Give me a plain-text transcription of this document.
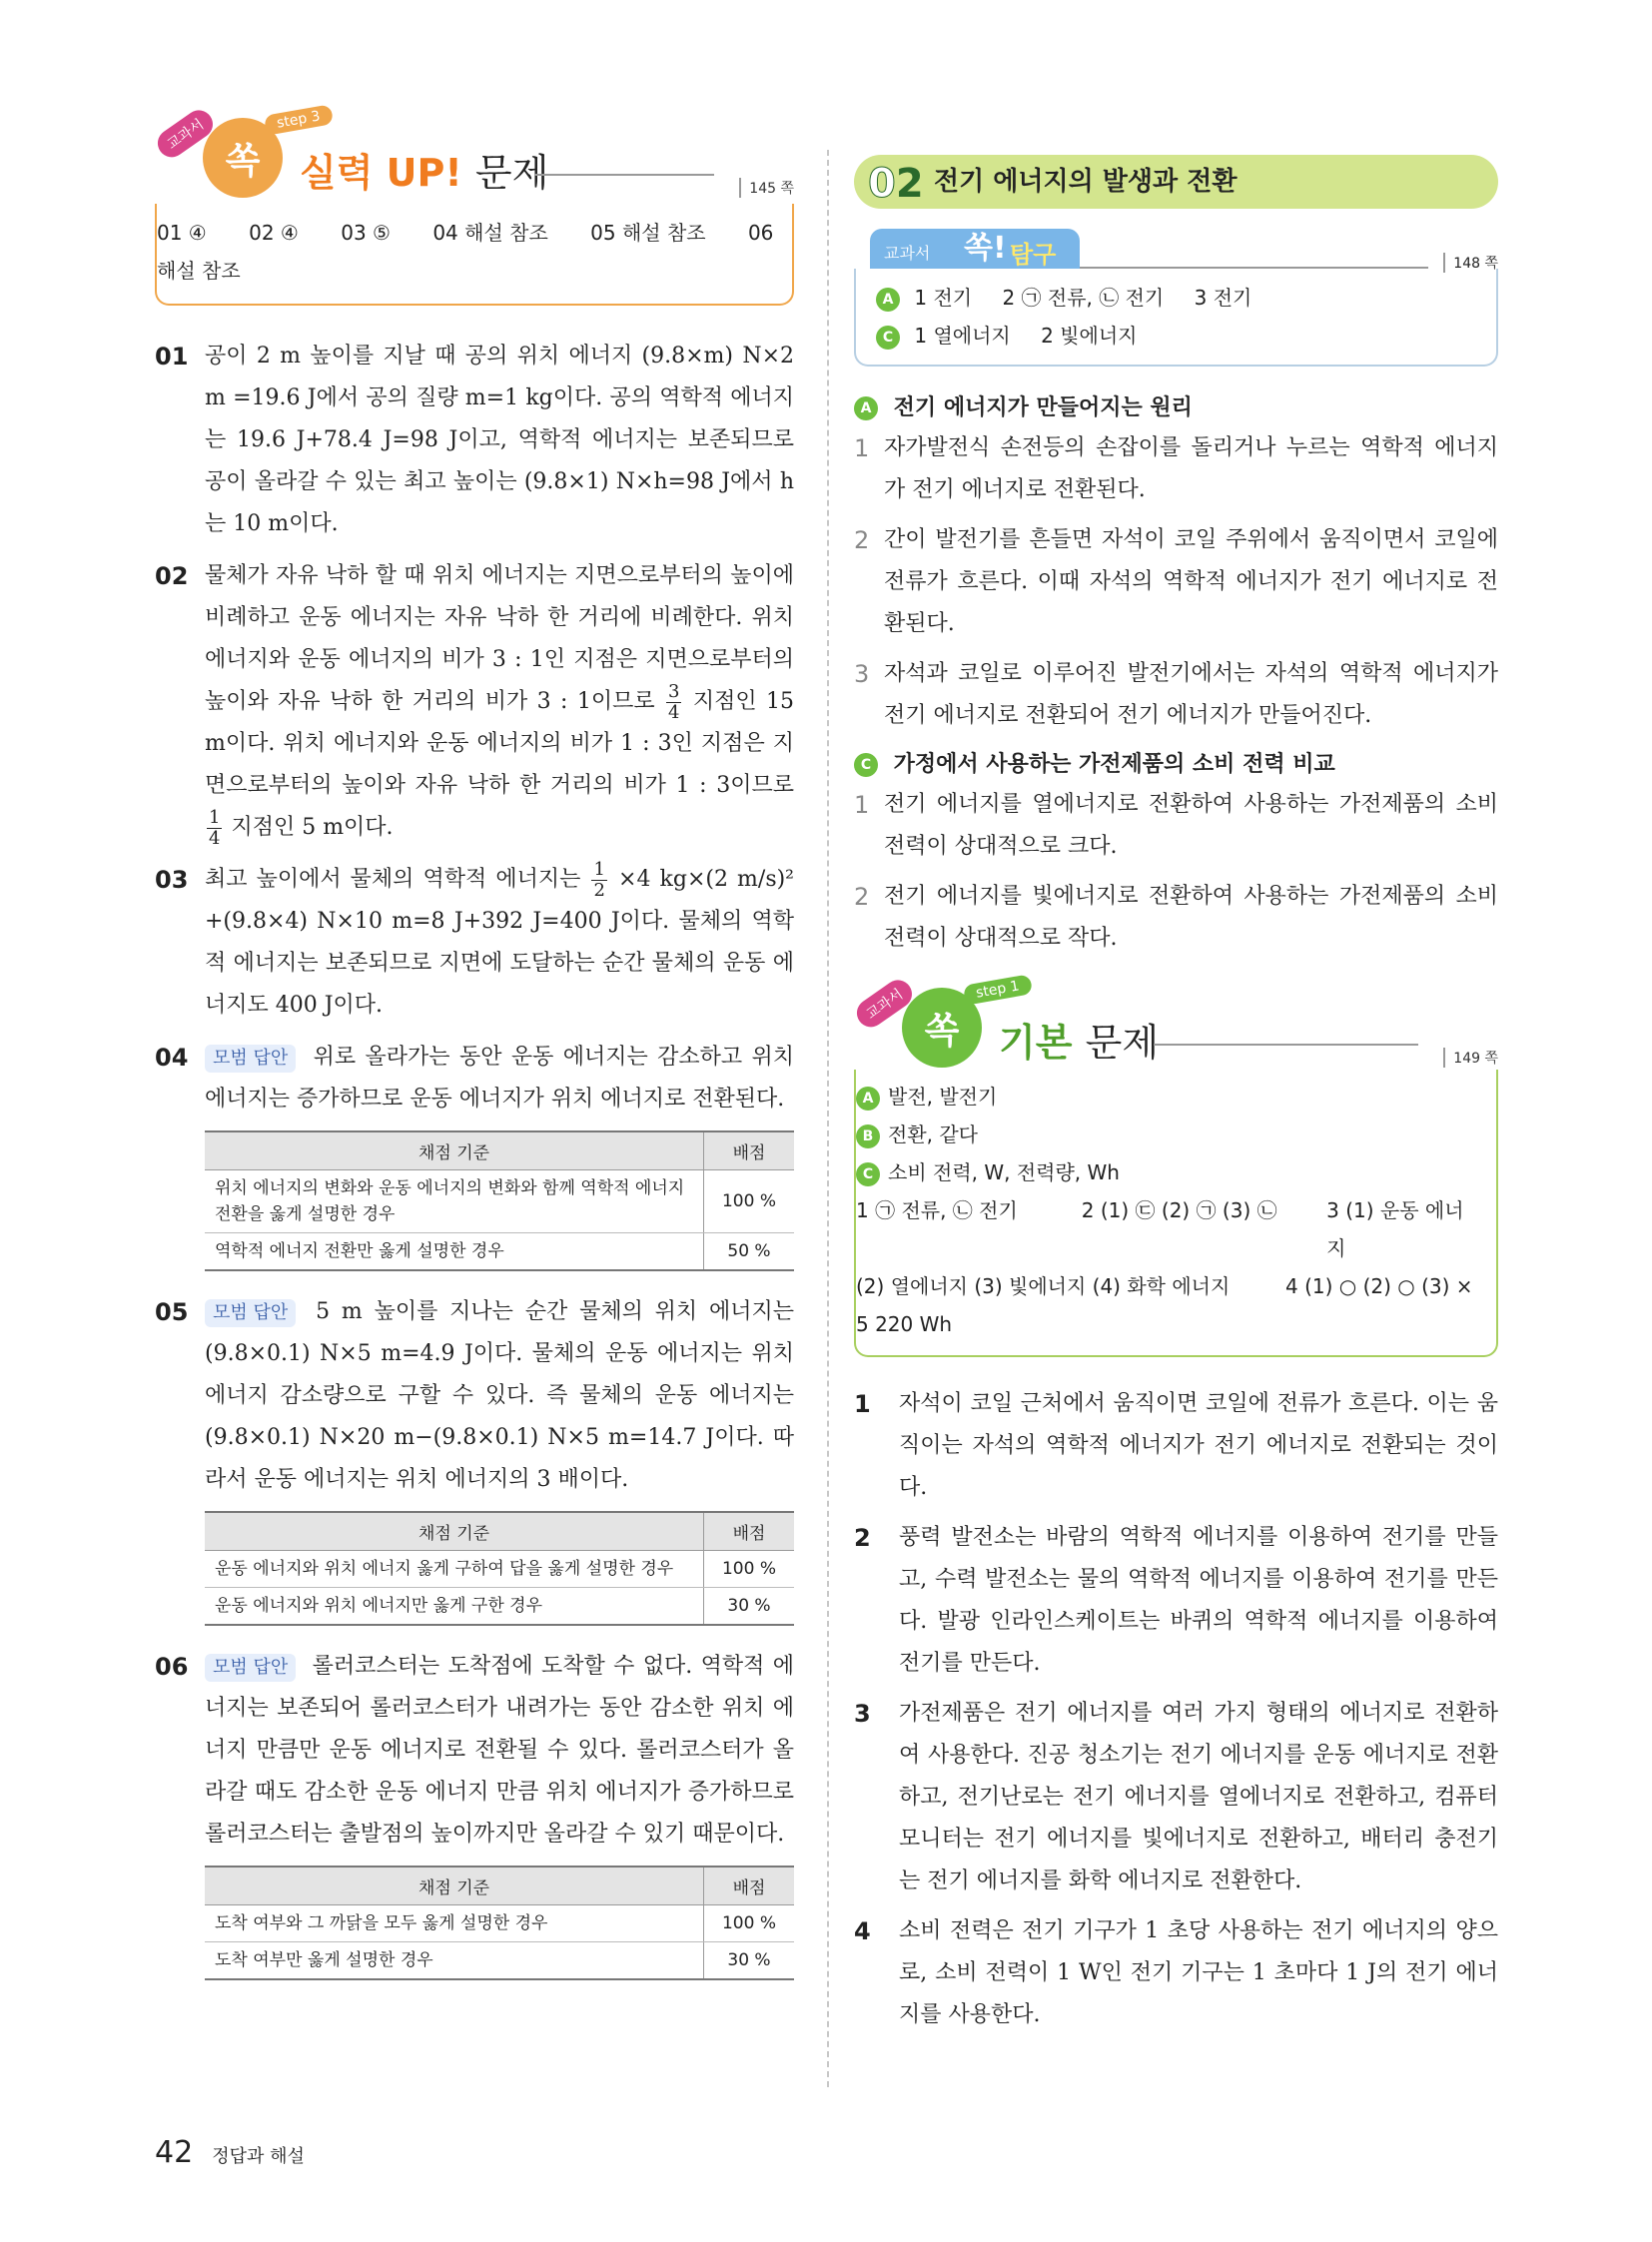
교과서	step 3
쏙	실력 UP! 문제	145 쪽
01 ④ 02 ④ 03 ⑤ 04 해설 참조 05 해설 참조 06 해설 참조
01 공이 2 m 높이를 지날 때 공의 위치 에너지 (9.8×m) N×2 m =19.6 J에서 공의 질량 m=1 kg이다. 공의 역학적 에너지는 19.6 J+78.4 J=98 J이고, 역학적 에너지는 보존되므로 공이 올라갈 수 있는 최고 높이는 (9.8×1) N×h=98 J에서 h는 10 m이다.
02 물체가 자유 낙하 할 때 위치 에너지는 지면으로부터의 높이에 비례하고 운동 에너지는 자유 낙하 한 거리에 비례한다. 위치 에너지와 운동 에너지의 비가 3 : 1인 지점은 지면으로부터의 높이와 자유 낙하 한 거리의 비가 3 : 1이므로 $\frac{3}{4}$ 지점인 15 m이다. 위치 에너지와 운동 에너지의 비가 1 : 3인 지점은 지면으로부터의 높이와 자유 낙하 한 거리의 비가 1 : 3이므로
$\frac{1}{4}$ 지점인 5 m이다.
03 최고 높이에서 물체의 역학적 에너지는 $\frac{1}{2} \times 4$ kg×(2 m/s)² +(9.8×4) N×10 m=8 J+392 J=400 J이다. 물체의 역학적 에너지는 보존되므로 지면에 도달하는 순간 물체의 운동 에너지도 400 J이다.
04 모범 답안 위로 올라가는 동안 운동 에너지는 감소하고 위치 에너지는 증가하므로 운동 에너지가 위치 에너지로 전환된다.
채점 기준	배점
위치 에너지의 변화와 운동 에너지의 변화와 함께 역학적 에너지 전환을 옳게 설명한 경우	100 %
역학적 에너지 전환만 옳게 설명한 경우	50 %
05 모범 답안 5 m 높이를 지나는 순간 물체의 위치 에너지는 (9.8×0.1) N×5 m=4.9 J이다. 물체의 운동 에너지는 위치 에너지 감소량으로 구할 수 있다. 즉 물체의 운동 에너지는 (9.8×0.1) N×20 m−(9.8×0.1) N×5 m=14.7 J이다. 따라서 운동 에너지는 위치 에너지의 3 배이다.
채점 기준	배점
운동 에너지와 위치 에너지 옳게 구하여 답을 옳게 설명한 경우	100 %
운동 에너지와 위치 에너지만 옳게 구한 경우	30 %
06 모범 답안 롤러코스터는 도착점에 도착할 수 없다. 역학적 에너지는 보존되어 롤러코스터가 내려가는 동안 감소한 위치 에너지 만큼만 운동 에너지로 전환될 수 있다. 롤러코스터가 올라갈 때도 감소한 운동 에너지 만큼 위치 에너지가 증가하므로 롤러코스터는 출발점의 높이까지만 올라갈 수 있기 때문이다.
채점 기준	배점
도착 여부와 그 까닭을 모두 옳게 설명한 경우	100 %
도착 여부만 옳게 설명한 경우	30 %
02 전기 에너지의 발생과 전환
교과서 쏙! 탐구	148 쪽
A 1 전기 2 ㉠ 전류, ㉡ 전기 3 전기
C 1 열에너지 2 빛에너지
A 전기 에너지가 만들어지는 원리
1 자가발전식 손전등의 손잡이를 돌리거나 누르는 역학적 에너지가 전기 에너지로 전환된다.
2 간이 발전기를 흔들면 자석이 코일 주위에서 움직이면서 코일에 전류가 흐른다. 이때 자석의 역학적 에너지가 전기 에너지로 전환된다.
3 자석과 코일로 이루어진 발전기에서는 자석의 역학적 에너지가 전기 에너지로 전환되어 전기 에너지가 만들어진다.
C 가정에서 사용하는 가전제품의 소비 전력 비교
1 전기 에너지를 열에너지로 전환하여 사용하는 가전제품의 소비 전력이 상대적으로 크다.
2 전기 에너지를 빛에너지로 전환하여 사용하는 가전제품의 소비 전력이 상대적으로 작다.
교과서	step 1
쏙	기본 문제	149 쪽
A 발전, 발전기
B 전환, 같다
C 소비 전력, W, 전력량, Wh
1 ㉠ 전류, ㉡ 전기	2 (1) ㉢ (2) ㉠ (3) ㉡	3 (1) 운동 에너지
(2) 열에너지 (3) 빛에너지 (4) 화학 에너지	4 (1) ○ (2) ○ (3) ×
5 220 Wh
1 자석이 코일 근처에서 움직이면 코일에 전류가 흐른다. 이는 움직이는 자석의 역학적 에너지가 전기 에너지로 전환되는 것이다.
2 풍력 발전소는 바람의 역학적 에너지를 이용하여 전기를 만들고, 수력 발전소는 물의 역학적 에너지를 이용하여 전기를 만든다. 발광 인라인스케이트는 바퀴의 역학적 에너지를 이용하여 전기를 만든다.
3 가전제품은 전기 에너지를 여러 가지 형태의 에너지로 전환하여 사용한다. 진공 청소기는 전기 에너지를 운동 에너지로 전환하고, 전기난로는 전기 에너지를 열에너지로 전환하고, 컴퓨터 모니터는 전기 에너지를 빛에너지로 전환하고, 배터리 충전기는 전기 에너지를 화학 에너지로 전환한다.
4 소비 전력은 전기 기구가 1 초당 사용하는 전기 에너지의 양으로, 소비 전력이 1 W인 전기 기구는 1 초마다 1 J의 전기 에너지를 사용한다.
42 정답과 해설
